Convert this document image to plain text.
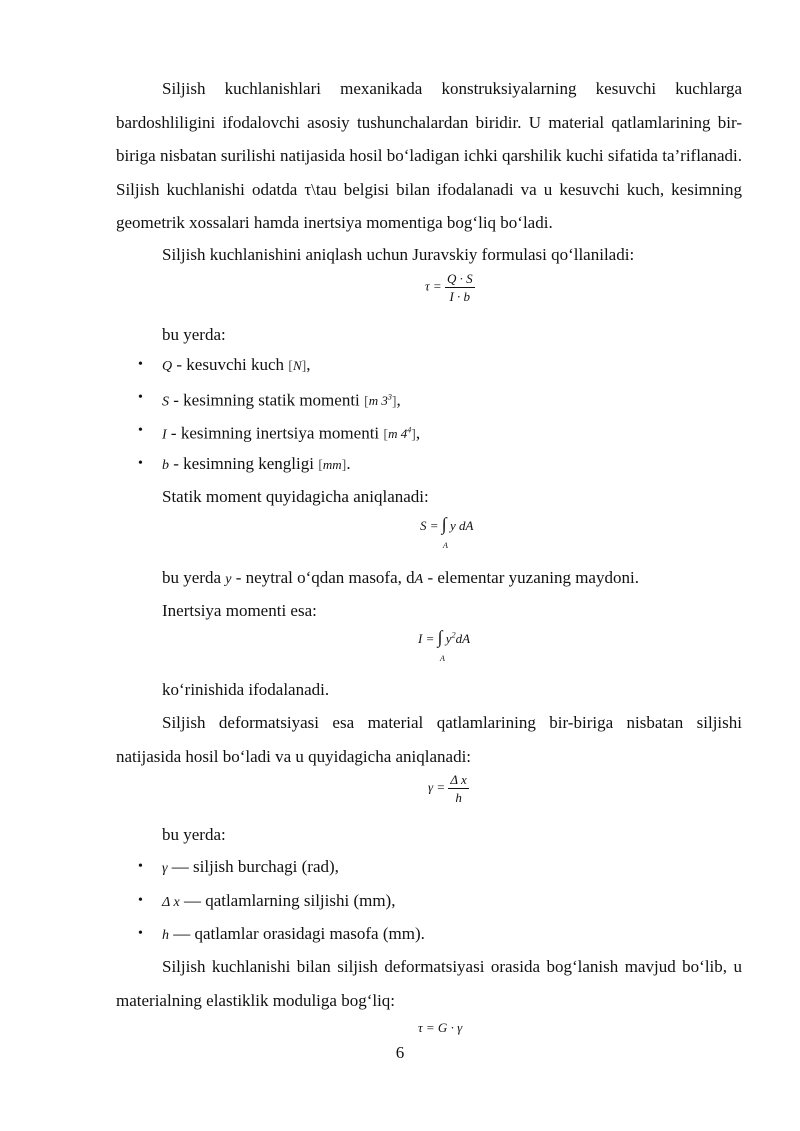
Siljish kuchlanishlari mexanikada konstruksiyalarning kesuvchi kuchlarga bardoshliligini ifodalovchi asosiy tushunchalardan biridir. U material qatlamlarining bir-biriga nisbatan surilishi natijasida hosil bo‘ladigan ichki qarshilik kuchi sifatida ta’riflanadi. Siljish kuchlanishi odatda τ\tau belgisi bilan ifodalanadi va u kesuvchi kuch, kesimning geometrik xossalari hamda inertsiya momentiga bog‘liq bo‘ladi.

Siljish kuchlanishini aniqlash uchun Juravskiy formulasi qo‘llaniladi:

$\tau = \frac{Q \cdot S}{I \cdot b}$

bu yerda:

• Q - kesuvchi kuch [N],
• S - kesimning statik momenti [m $3^3$],
• I - kesimning inertsiya momenti [m $4^4$],
• b - kesimning kengligi [mm].

Statik moment quyidagicha aniqlanadi:

S = ∫ y dA
A

bu yerda y - neytral o‘qdan masofa, dA - elementar yuzaning maydoni.

Inertsiya momenti esa:

I = ∫ $y^2dA$
A

ko‘rinishida ifodalanadi.

Siljish deformatsiyasi esa material qatlamlarining bir-biriga nisbatan siljishi natijasida hosil bo‘ladi va u quyidagicha aniqlanadi:

$\gamma = \frac{\text{Δ x}}{h}$

bu yerda:

• γ — siljish burchagi (rad),
• Δ x — qatlamlarning siljishi (mm),
• h — qatlamlar orasidagi masofa (mm).

Siljish kuchlanishi bilan siljish deformatsiyasi orasida bog‘lanish mavjud bo‘lib, u materialning elastiklik moduliga bog‘liq:

τ = G · γ
6
